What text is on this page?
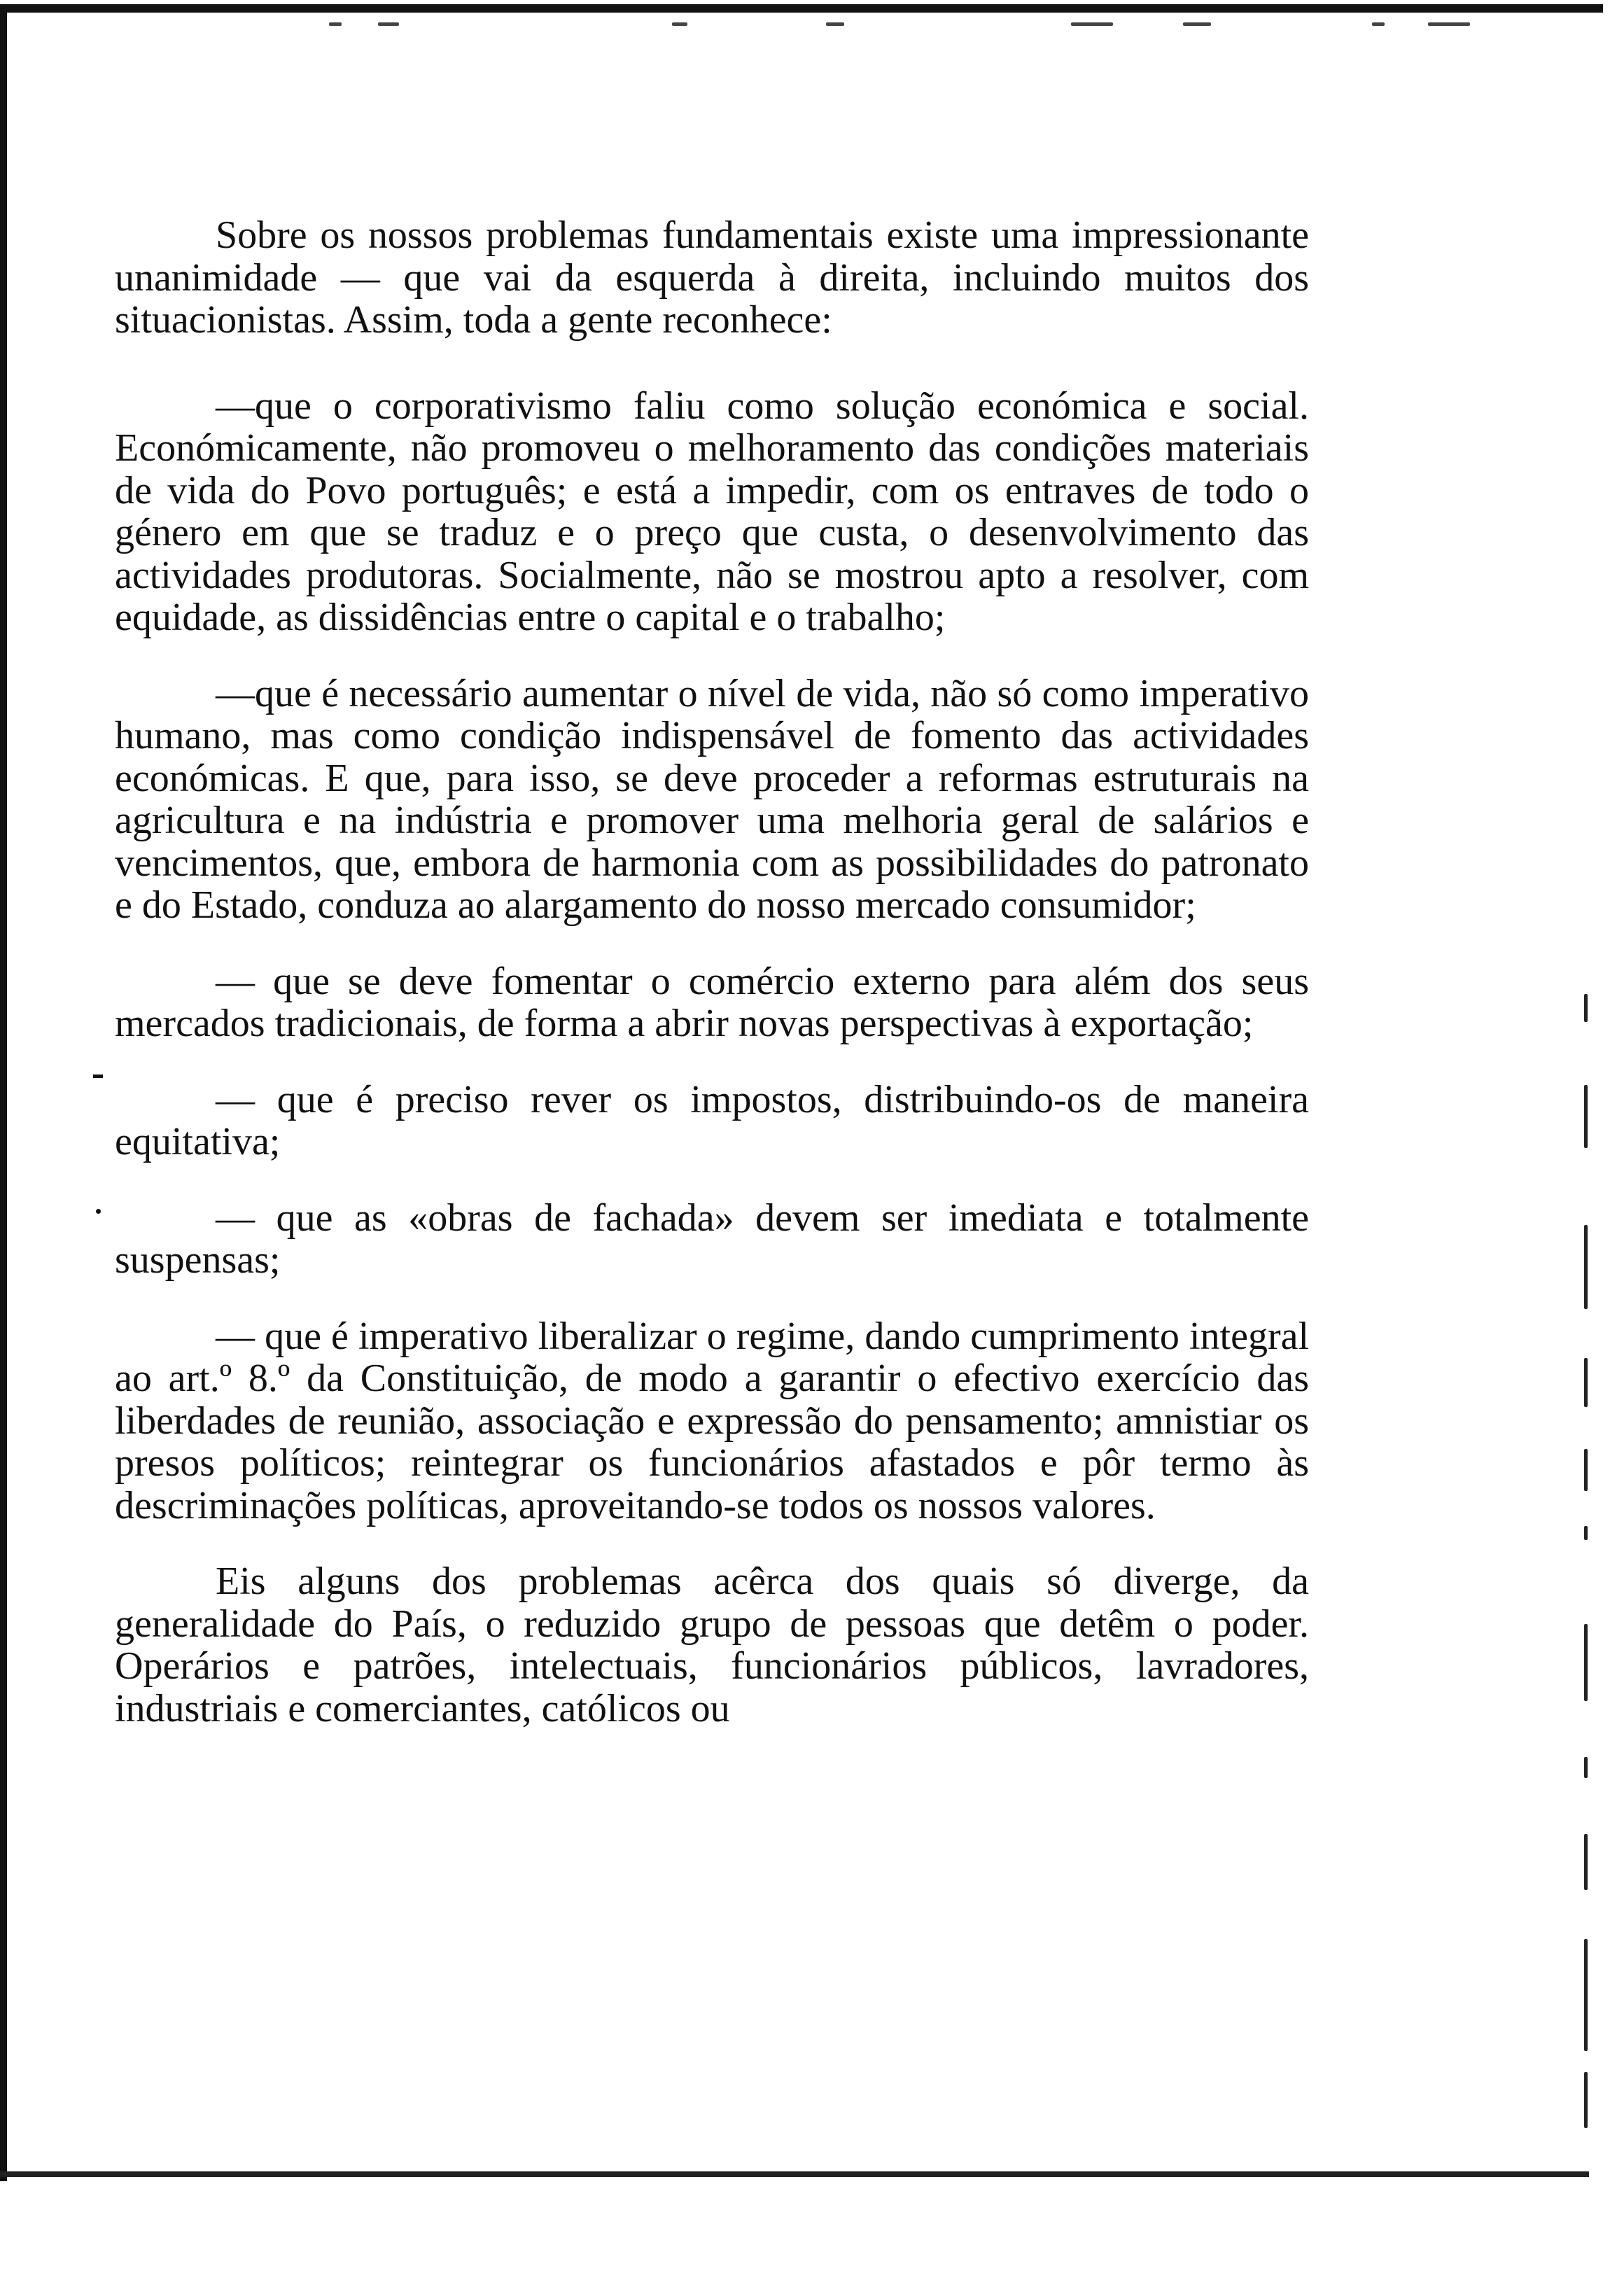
Sobre os nossos problemas fundamentais existe uma impressionante unanimidade — que vai da esquerda à direita, incluindo muitos dos situacionistas. Assim, toda a gente reconhece:

—que o corporativismo faliu como solução económica e social. Económicamente, não promoveu o melhoramento das condições materiais de vida do Povo português; e está a impedir, com os entraves de todo o género em que se traduz e o preço que custa, o desenvolvimento das actividades produtoras. Socialmente, não se mostrou apto a resolver, com equidade, as dissidências entre o capital e o trabalho;

—que é necessário aumentar o nível de vida, não só como imperativo humano, mas como condição indispensável de fomento das actividades económicas. E que, para isso, se deve proceder a reformas estruturais na agricultura e na indústria e promover uma melhoria geral de salários e vencimentos, que, embora de harmonia com as possibilidades do patronato e do Estado, conduza ao alargamento do nosso mercado consumidor;

— que se deve fomentar o comércio externo para além dos seus mercados tradicionais, de forma a abrir novas perspectivas à exportação;

— que é preciso rever os impostos, distribuindo-os de maneira equitativa;

— que as «obras de fachada» devem ser imediata e totalmente suspensas;

— que é imperativo liberalizar o regime, dando cumprimento integral ao art.º 8.º da Constituição, de modo a garantir o efectivo exercício das liberdades de reunião, associação e expressão do pensamento; amnistiar os presos políticos; reintegrar os funcionários afastados e pôr termo às descriminações políticas, aproveitando-se todos os nossos valores.

Eis alguns dos problemas acêrca dos quais só diverge, da generalidade do País, o reduzido grupo de pessoas que detêm o poder. Operários e patrões, intelectuais, funcionários públicos, lavradores, industriais e comerciantes, católicos ou
